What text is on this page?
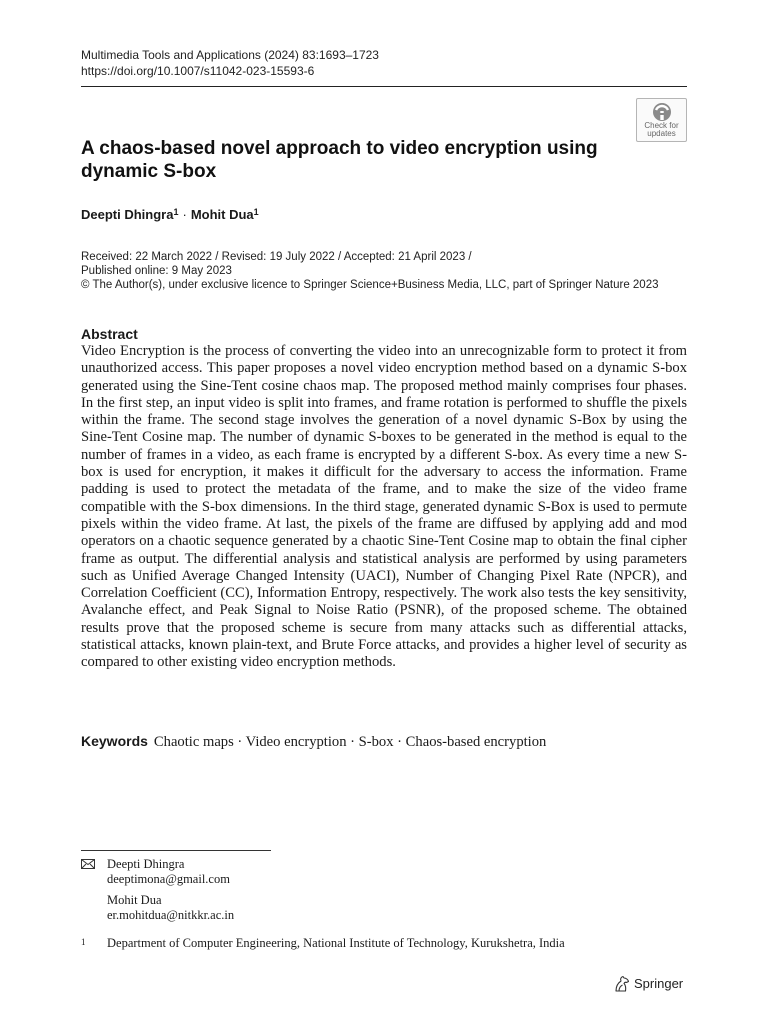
Multimedia Tools and Applications (2024) 83:1693–1723
https://doi.org/10.1007/s11042-023-15593-6
Check for
updates
A chaos-based novel approach to video encryption using dynamic S-box
Deepti Dhingra$^1$ · Mohit Dua$^1$
Received: 22 March 2022 / Revised: 19 July 2022 / Accepted: 21 April 2023 /
Published online: 9 May 2023
© The Author(s), under exclusive licence to Springer Science+Business Media, LLC, part of Springer Nature 2023
Abstract

Video Encryption is the process of converting the video into an unrecognizable form to protect it from unauthorized access. This paper proposes a novel video encryption method based on a dynamic S-box generated using the Sine-Tent cosine chaos map. The proposed method mainly comprises four phases. In the first step, an input video is split into frames, and frame rotation is performed to shuffle the pixels within the frame. The second stage involves the generation of a novel dynamic S-Box by using the Sine-Tent Cosine map. The number of dynamic S-boxes to be generated in the method is equal to the number of frames in a video, as each frame is encrypted by a different S-box. As every time a new S-box is used for encryption, it makes it difficult for the adversary to access the information. Frame padding is used to protect the metadata of the frame, and to make the size of the video frame compatible with the S-box dimensions. In the third stage, generated dynamic S-Box is used to permute pixels within the video frame. At last, the pixels of the frame are diffused by applying add and mod operators on a chaotic sequence generated by a chaotic Sine-Tent Cosine map to obtain the final cipher frame as output. The differential analysis and statistical analysis are performed by using parameters such as Unified Average Changed Intensity (UACI), Number of Changing Pixel Rate (NPCR), and Correlation Coefficient (CC), Information Entropy, respectively. The work also tests the key sensitivity, Avalanche effect, and Peak Signal to Noise Ratio (PSNR), of the proposed scheme. The obtained results prove that the proposed scheme is secure from many attacks such as differential attacks, statistical attacks, known plain-text, and Brute Force attacks, and provides a higher level of security as compared to other existing video encryption methods.

Keywords Chaotic maps · Video encryption · S-box · Chaos-based encryption
Deepti Dhingra
deeptimona@gmail.com
Mohit Dua
er.mohitdua@nitkkr.ac.in
1 Department of Computer Engineering, National Institute of Technology, Kurukshetra, India
Springer
